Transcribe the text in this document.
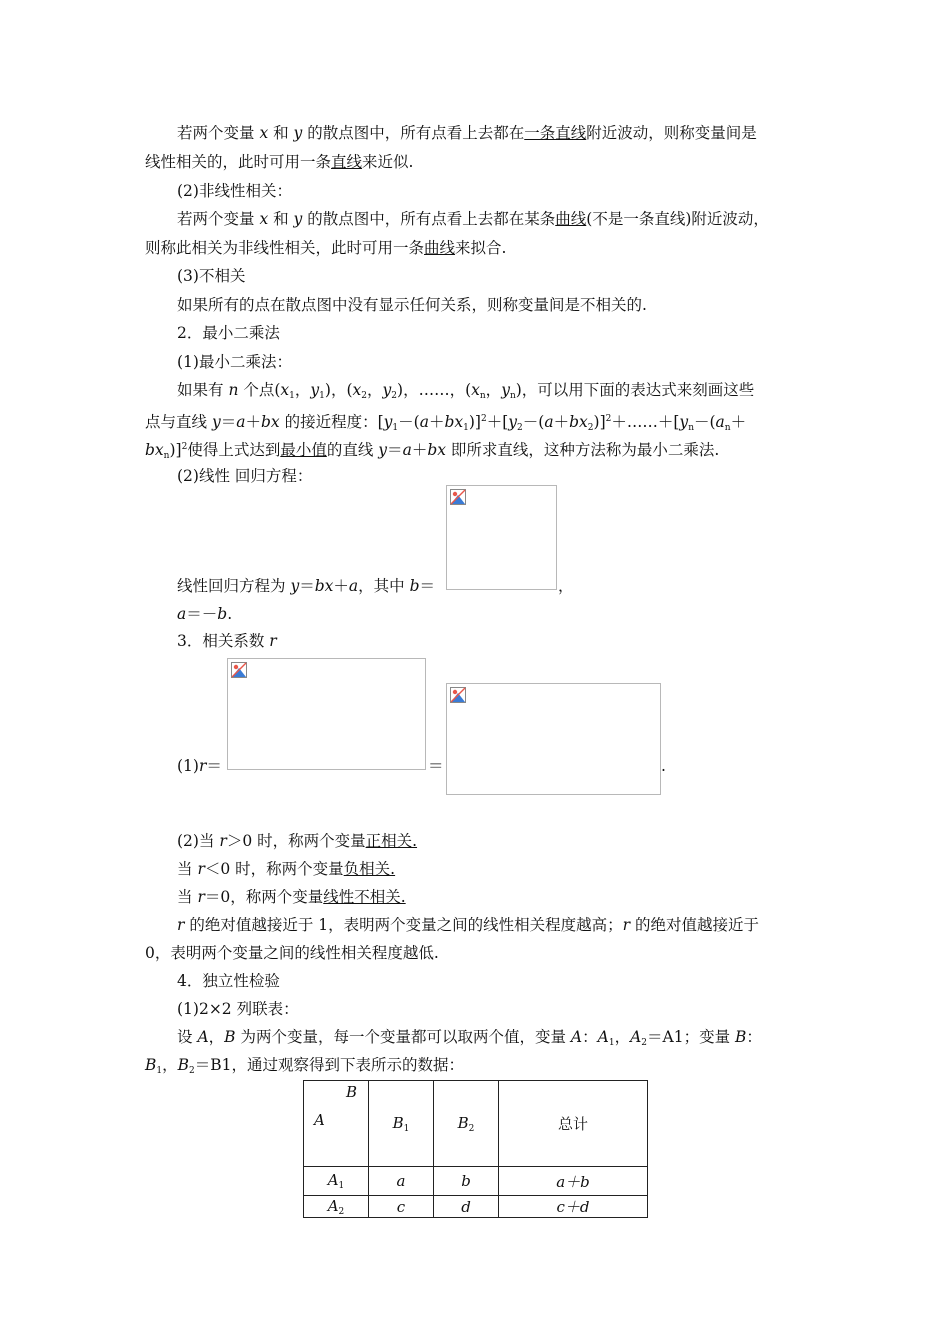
若两个变量 x 和 y 的散点图中，所有点看上去都在一条直线附近波动，则称变量间是
线性相关的，此时可用一条直线来近似.
(2)非线性相关：
若两个变量 x 和 y 的散点图中，所有点看上去都在某条曲线(不是一条直线)附近波动，
则称此相关为非线性相关，此时可用一条曲线来拟合.
(3)不相关
如果所有的点在散点图中没有显示任何关系，则称变量间是不相关的.
2．最小二乘法
(1)最小二乘法：
如果有 n 个点($x_1$，$y_1$)，($x_2$，$y_2$)，……，($x_n$，$y_n$)，可以用下面的表达式来刻画这些
点与直线 y＝a＋bx 的接近程度：$[y_1-(a+bx_1)]^2+[y_2-(a+bx_2)]^2+\dots\dots+[y_n-(a_n+$
$bx_n)]^2$使得上式达到最小值的直线 y＝a＋bx 即所求直线，这种方法称为最小二乘法.
(2)线性 回归方程：
线性回归方程为 y＝bx＋a，其中 b＝	，
a＝－b.
3．相关系数 r
(1)r＝	＝	.
(2)当 r＞0 时，称两个变量正相关.
当 r＜0 时，称两个变量负相关.
当 r＝0，称两个变量线性不相关.
r 的绝对值越接近于 1，表明两个变量之间的线性相关程度越高；r 的绝对值越接近于
0，表明两个变量之间的线性相关程度越低.
4．独立性检验
(1)2×2 列联表：
设 A，B 为两个变量，每一个变量都可以取两个值，变量 A：$A_1$，$A_2=A1$；变量 B：
$B_1$，$B_2=B1$，通过观察得到下表所示的数据：
B
A	$B_1$	$B_2$	总计
$A_1$	a	b	a＋b
$A_2$	c	d	c＋d
